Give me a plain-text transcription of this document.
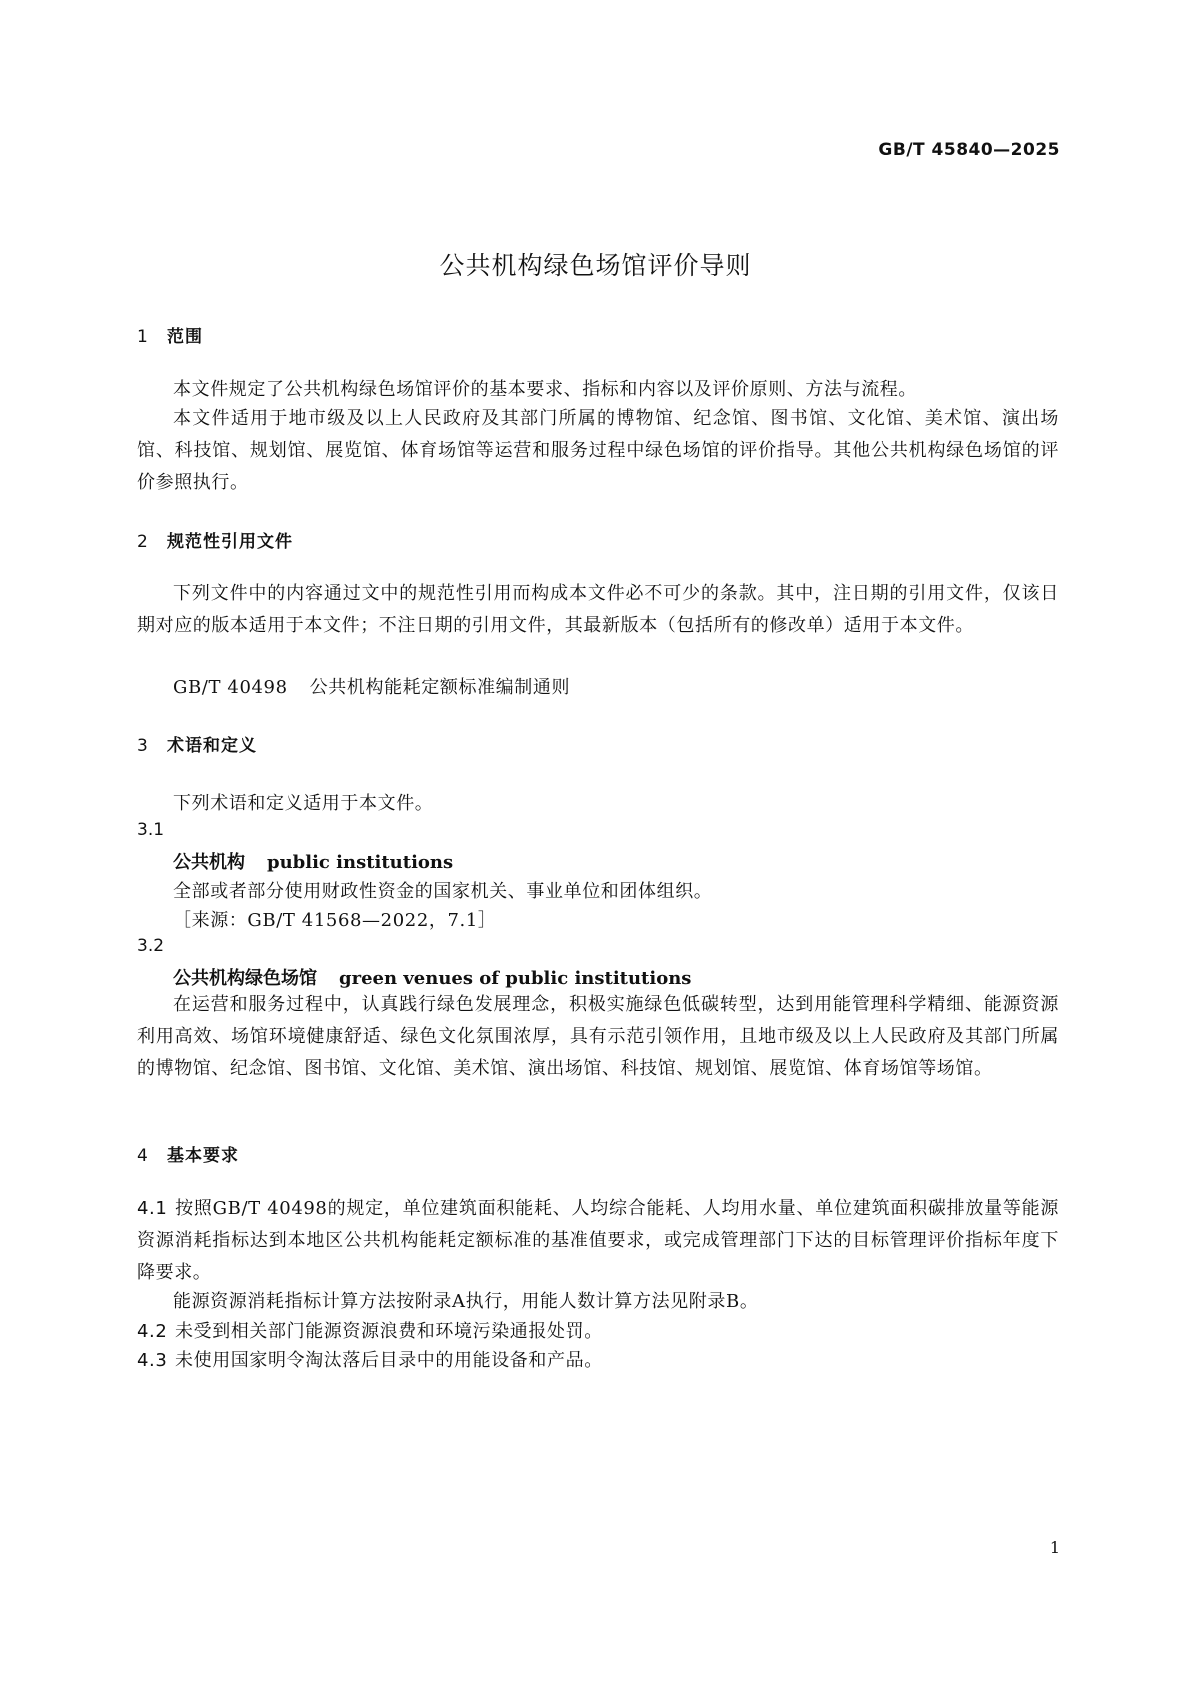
GB/T 45840—2025
公共机构绿色场馆评价导则
1 范围
本文件规定了公共机构绿色场馆评价的基本要求、指标和内容以及评价原则、方法与流程。
本文件适用于地市级及以上人民政府及其部门所属的博物馆、纪念馆、图书馆、文化馆、美术馆、演出场馆、科技馆、规划馆、展览馆、体育场馆等运营和服务过程中绿色场馆的评价指导。其他公共机构绿色场馆的评价参照执行。
2 规范性引用文件
下列文件中的内容通过文中的规范性引用而构成本文件必不可少的条款。其中，注日期的引用文件，仅该日期对应的版本适用于本文件；不注日期的引用文件，其最新版本（包括所有的修改单）适用于本文件。
GB/T 40498 公共机构能耗定额标准编制通则
3 术语和定义
下列术语和定义适用于本文件。
3.1
公共机构 public institutions
全部或者部分使用财政性资金的国家机关、事业单位和团体组织。
［来源：GB/T 41568—2022，7.1］
3.2
公共机构绿色场馆 green venues of public institutions
在运营和服务过程中，认真践行绿色发展理念，积极实施绿色低碳转型，达到用能管理科学精细、能源资源利用高效、场馆环境健康舒适、绿色文化氛围浓厚，具有示范引领作用，且地市级及以上人民政府及其部门所属的博物馆、纪念馆、图书馆、文化馆、美术馆、演出场馆、科技馆、规划馆、展览馆、体育场馆等场馆。
4 基本要求
4.1 按照GB/T 40498的规定，单位建筑面积能耗、人均综合能耗、人均用水量、单位建筑面积碳排放量等能源资源消耗指标达到本地区公共机构能耗定额标准的基准值要求，或完成管理部门下达的目标管理评价指标年度下降要求。
能源资源消耗指标计算方法按附录A执行，用能人数计算方法见附录B。
4.2 未受到相关部门能源资源浪费和环境污染通报处罚。
4.3 未使用国家明令淘汰落后目录中的用能设备和产品。
1
